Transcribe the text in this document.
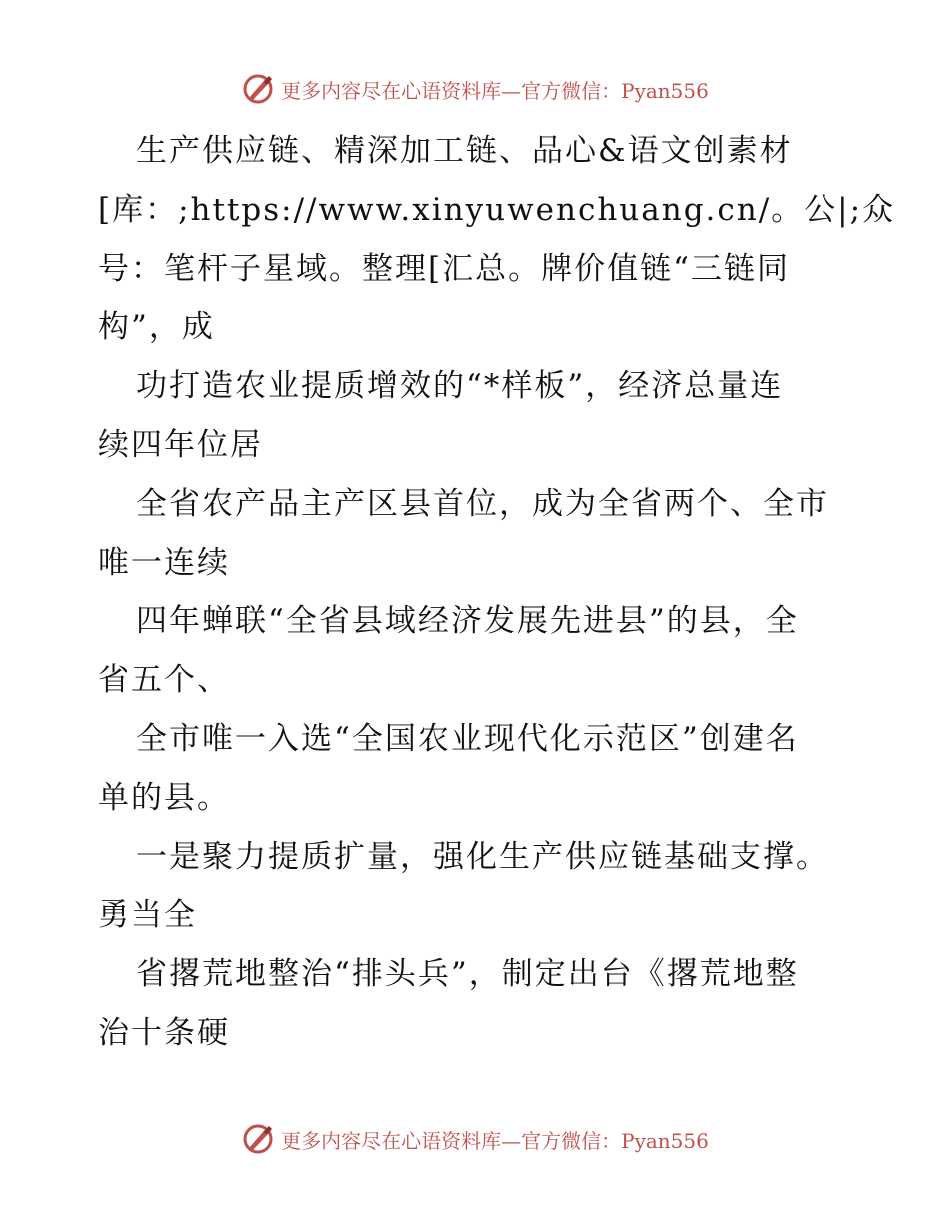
更多内容尽在心语资料库—官方微信：Pyan556
生产供应链、精深加工链、品心&语文创素材
[库：;https://www.xinyuwenchuang.cn/。公|;众
号：笔杆子星域。整理[汇总。牌价值链“三链同
构”，成
功打造农业提质增效的“*样板”，经济总量连
续四年位居
全省农产品主产区县首位，成为全省两个、全市
唯一连续
四年蝉联“全省县域经济发展先进县”的县，全
省五个、
全市唯一入选“全国农业现代化示范区”创建名
单的县。
一是聚力提质扩量，强化生产供应链基础支撑。
勇当全
省撂荒地整治“排头兵”，制定出台《撂荒地整
治十条硬
更多内容尽在心语资料库—官方微信：Pyan556
